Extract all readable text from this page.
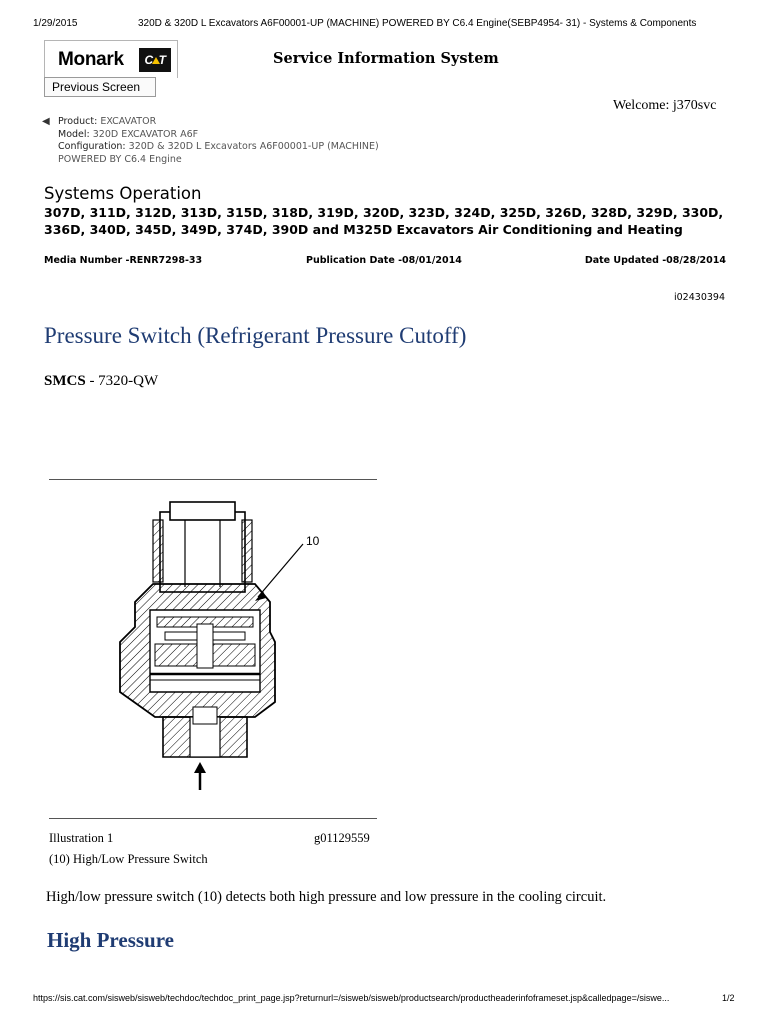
1/29/2015	320D & 320D L Excavators A6F00001-UP (MACHINE) POWERED BY C6.4 Engine(SEBP4954- 31) - Systems & Components
Monark	C T
Previous Screen
Service Information System
Welcome: j370svc
◀ Product: EXCAVATOR
Model: 320D EXCAVATOR A6F
Configuration: 320D & 320D L Excavators A6F00001-UP (MACHINE)
POWERED BY C6.4 Engine
Systems Operation
307D, 311D, 312D, 313D, 315D, 318D, 319D, 320D, 323D, 324D, 325D, 326D, 328D, 329D, 330D, 336D, 340D, 345D, 349D, 374D, 390D and M325D Excavators Air Conditioning and Heating
Media Number -RENR7298-33	Publication Date -08/01/2014	Date Updated -08/28/2014
i02430394
Pressure Switch (Refrigerant Pressure Cutoff)
SMCS - 7320-QW
10
Illustration 1	g01129559
(10) High/Low Pressure Switch
High/low pressure switch (10) detects both high pressure and low pressure in the cooling circuit.
High Pressure
https://sis.cat.com/sisweb/sisweb/techdoc/techdoc_print_page.jsp?returnurl=/sisweb/sisweb/productsearch/productheaderinfoframeset.jsp&calledpage=/siswe...	1/2
